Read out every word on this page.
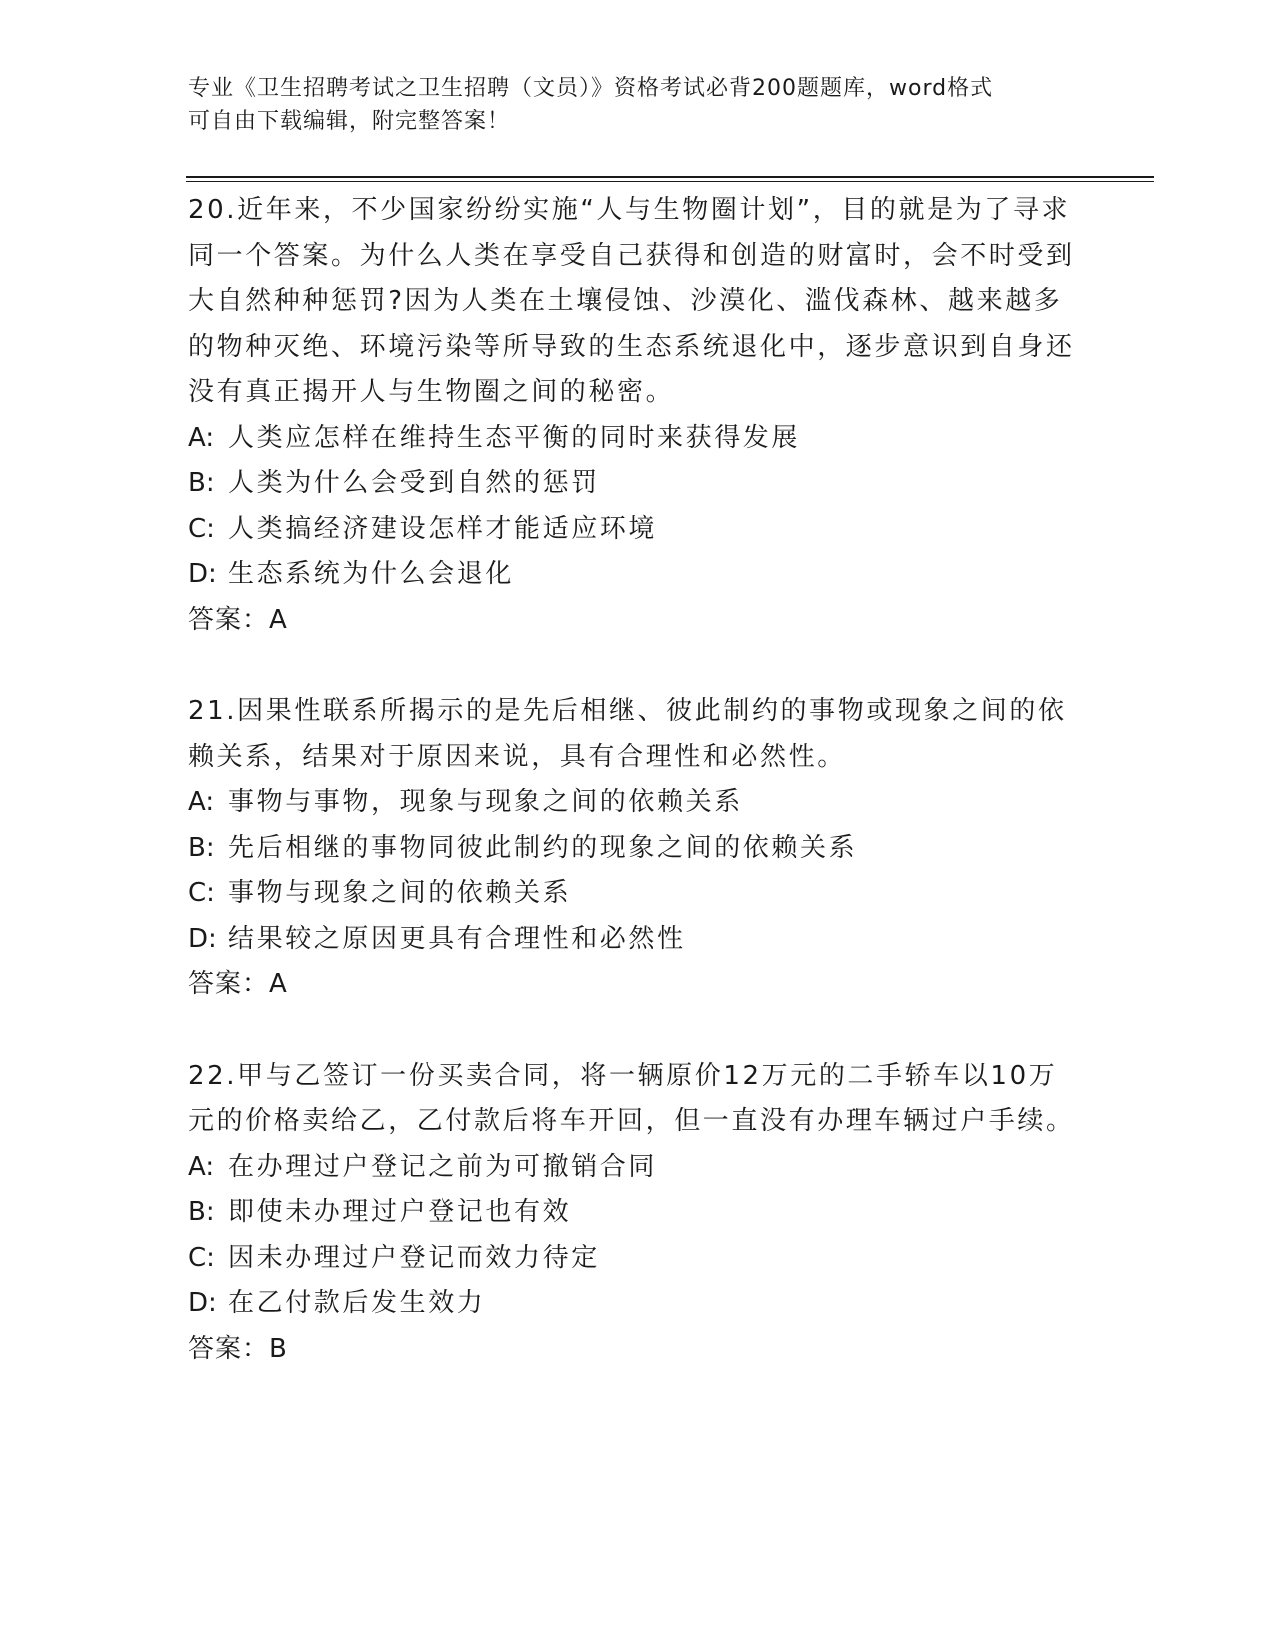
专业《卫生招聘考试之卫生招聘（文员）》资格考试必背200题题库，word格式
可自由下载编辑，附完整答案！

20.近年来，不少国家纷纷实施“人与生物圈计划”，目的就是为了寻求同一个答案。为什么人类在享受自己获得和创造的财富时，会不时受到大自然种种惩罚?因为人类在土壤侵蚀、沙漠化、滥伐森林、越来越多的物种灭绝、环境污染等所导致的生态系统退化中，逐步意识到自身还没有真正揭开人与生物圈之间的秘密。

A: 人类应怎样在维持生态平衡的同时来获得发展
B: 人类为什么会受到自然的惩罚
C: 人类搞经济建设怎样才能适应环境
D: 生态系统为什么会退化

答案：A

21.因果性联系所揭示的是先后相继、彼此制约的事物或现象之间的依赖关系，结果对于原因来说，具有合理性和必然性。

A: 事物与事物，现象与现象之间的依赖关系
B: 先后相继的事物同彼此制约的现象之间的依赖关系
C: 事物与现象之间的依赖关系
D: 结果较之原因更具有合理性和必然性

答案：A

22.甲与乙签订一份买卖合同，将一辆原价12万元的二手轿车以10万元的价格卖给乙，乙付款后将车开回，但一直没有办理车辆过户手续。

A: 在办理过户登记之前为可撤销合同
B: 即使未办理过户登记也有效
C: 因未办理过户登记而效力待定
D: 在乙付款后发生效力

答案：B
